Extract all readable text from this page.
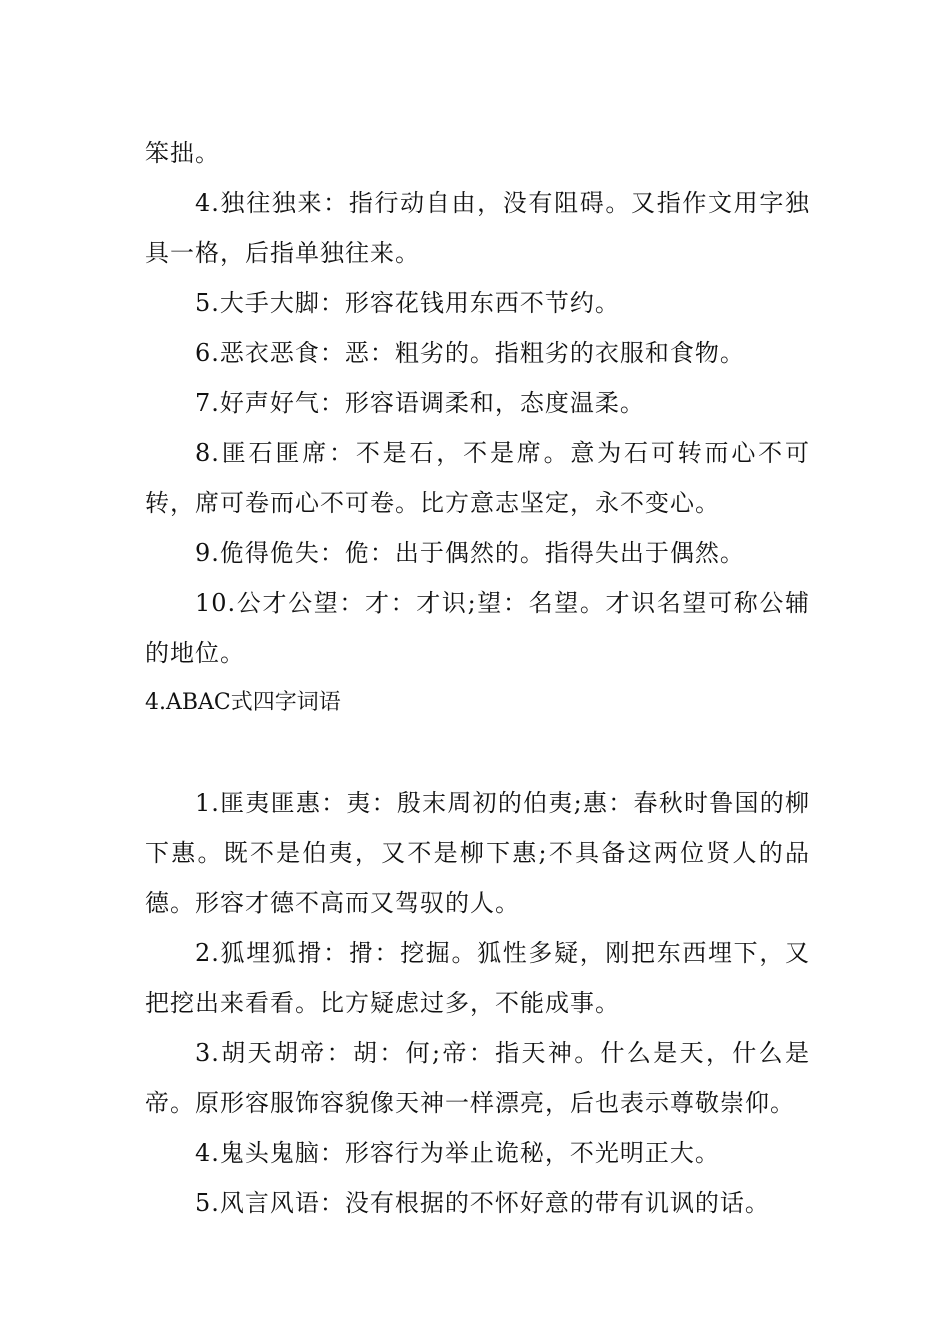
笨拙。

4.独往独来：指行动自由，没有阻碍。又指作文用字独具一格，后指单独往来。

5.大手大脚：形容花钱用东西不节约。

6.恶衣恶食：恶：粗劣的。指粗劣的衣服和食物。

7.好声好气：形容语调柔和，态度温柔。

8.匪石匪席：不是石，不是席。意为石可转而心不可转，席可卷而心不可卷。比方意志坚定，永不变心。

9.佹得佹失：佹：出于偶然的。指得失出于偶然。

10.公才公望：才：才识;望：名望。才识名望可称公辅的地位。

4.ABAC式四字词语

1.匪夷匪惠：夷：殷末周初的伯夷;惠：春秋时鲁国的柳下惠。既不是伯夷，又不是柳下惠;不具备这两位贤人的品德。形容才德不高而又驾驭的人。

2.狐埋狐搰：搰：挖掘。狐性多疑，刚把东西埋下，又把挖出来看看。比方疑虑过多，不能成事。

3.胡天胡帝：胡：何;帝：指天神。什么是天，什么是帝。原形容服饰容貌像天神一样漂亮，后也表示尊敬崇仰。

4.鬼头鬼脑：形容行为举止诡秘，不光明正大。

5.风言风语：没有根据的不怀好意的带有讥讽的话。
